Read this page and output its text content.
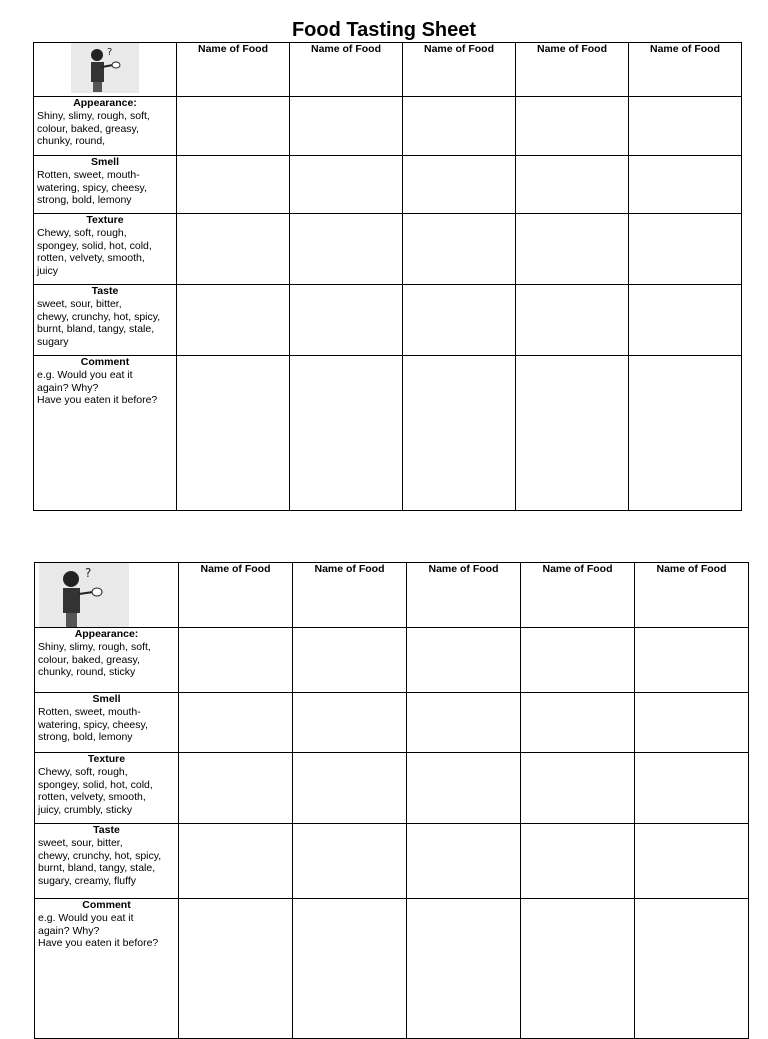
Food Tasting Sheet
?	Name of Food	Name of Food	Name of Food	Name of Food	Name of Food

Appearance:
Shiny, slimy, rough, soft,
colour, baked, greasy,
chunky, round,					

Smell
Rotten, sweet, mouth-
watering, spicy, cheesy,
strong, bold, lemony					

Texture
Chewy, soft, rough,
spongey, solid, hot, cold,
rotten, velvety, smooth,
juicy					

Taste
sweet, sour, bitter,
chewy, crunchy, hot, spicy,
burnt, bland, tangy, stale,
sugary					

Comment
e.g. Would you eat it
again? Why?
Have you eaten it before?					

?	Name of Food	Name of Food	Name of Food	Name of Food	Name of Food

Appearance:
Shiny, slimy, rough, soft,
colour, baked, greasy,
chunky, round, sticky					

Smell
Rotten, sweet, mouth-
watering, spicy, cheesy,
strong, bold, lemony					

Texture
Chewy, soft, rough,
spongey, solid, hot, cold,
rotten, velvety, smooth,
juicy, crumbly, sticky					

Taste
sweet, sour, bitter,
chewy, crunchy, hot, spicy,
burnt, bland, tangy, stale,
sugary, creamy, fluffy					

Comment
e.g. Would you eat it
again? Why?
Have you eaten it before?					
